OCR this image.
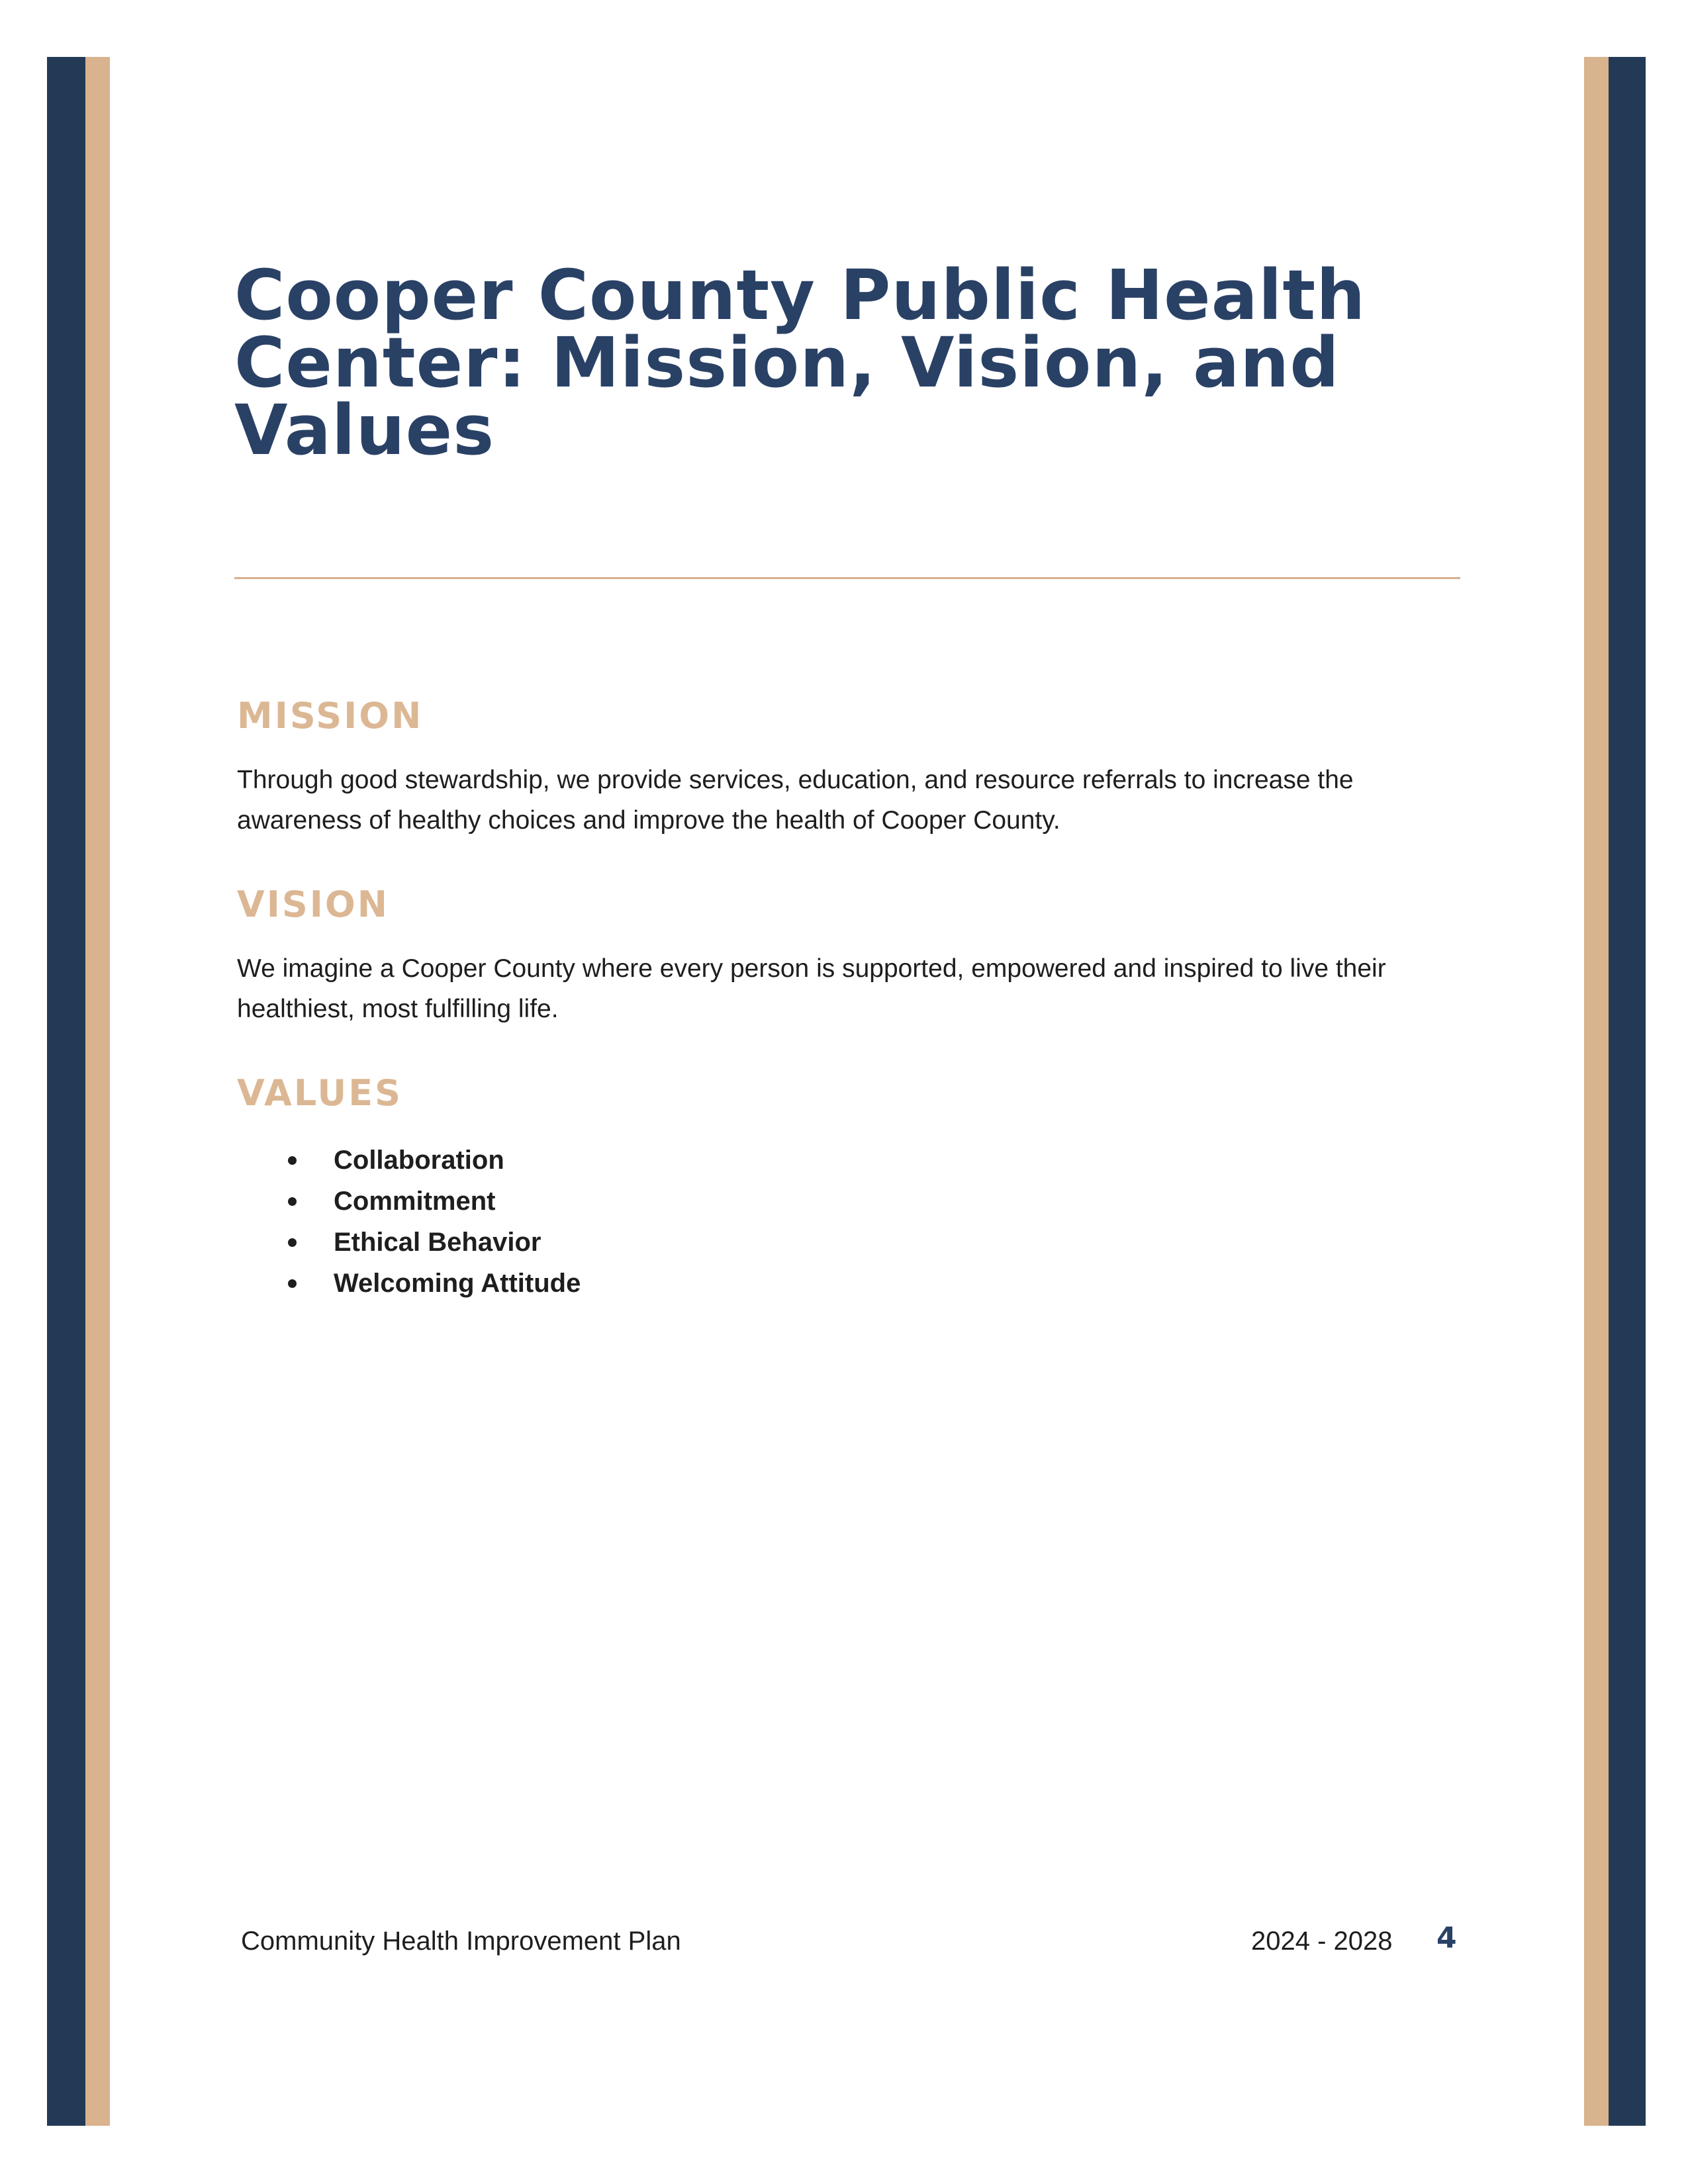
Cooper County Public Health Center: Mission, Vision, and Values
MISSION

Through good stewardship, we provide services, education, and resource referrals to increase the awareness of healthy choices and improve the health of Cooper County.

VISION

We imagine a Cooper County where every person is supported, empowered and inspired to live their healthiest, most fulfilling life.

VALUES
Collaboration
Commitment
Ethical Behavior
Welcoming Attitude
Community Health Improvement Plan	2024 - 2028 4
